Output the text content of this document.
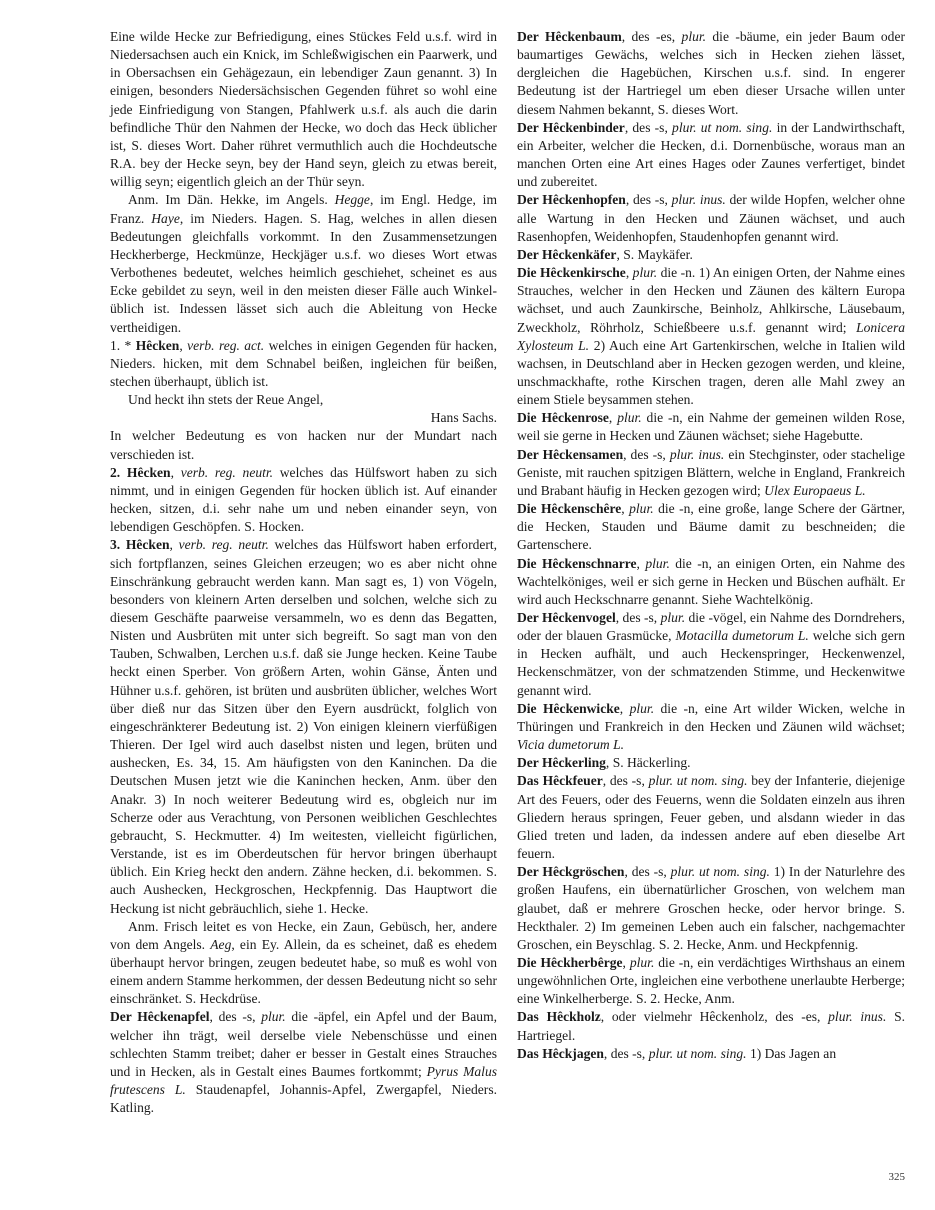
Eine wilde Hecke zur Befriedigung, eines Stückes Feld u.s.f. wird in Niedersachsen auch ein Knick, im Schleßwigischen ein Paarwerk, und in Obersachsen ein Gehägezaun, ein lebendiger Zaun genannt. 3) In einigen, besonders Niedersächsischen Gegenden führet so wohl eine jede Einfriedigung von Stangen, Pfahlwerk u.s.f. als auch die darin befindliche Thür den Nahmen der Hecke, wo doch das Heck üblicher ist, S. dieses Wort. Daher rühret vermuthlich auch die Hochdeutsche R.A. bey der Hecke seyn, bey der Hand seyn, gleich zu etwas bereit, willig seyn; eigentlich gleich an der Thür seyn.

Anm. Im Dän. Hekke, im Angels. Hegge, im Engl. Hedge, im Franz. Haye, im Nieders. Hagen. S. Hag, welches in allen diesen Bedeutungen gleichfalls vorkommt. In den Zusammensetzungen Heckherberge, Heckmünze, Heckjäger u.s.f. wo dieses Wort etwas Verbothenes bedeutet, welches heimlich geschiehet, scheinet es aus Ecke gebildet zu seyn, weil in den meisten dieser Fälle auch Winkel- üblich ist. Indessen lässet sich auch die Ableitung von Hecke vertheidigen.

1. * Hêcken, verb. reg. act. welches in einigen Gegenden für hacken, Nieders. hicken, mit dem Schnabel beißen, ingleichen für beißen, stechen überhaupt, üblich ist.

Und heckt ihn stets der Reue Angel,

Hans Sachs.

In welcher Bedeutung es von hacken nur der Mundart nach verschieden ist.

2. Hêcken, verb. reg. neutr. welches das Hülfswort haben zu sich nimmt, und in einigen Gegenden für hocken üblich ist. Auf einander hecken, sitzen, d.i. sehr nahe um und neben einander seyn, von lebendigen Geschöpfen. S. Hocken.

3. Hêcken, verb. reg. neutr. welches das Hülfswort haben erfordert, sich fortpflanzen, seines Gleichen erzeugen; wo es aber nicht ohne Einschränkung gebraucht werden kann. Man sagt es, 1) von Vögeln, besonders von kleinern Arten derselben und solchen, welche sich zu diesem Geschäfte paarweise versammeln, wo es denn das Begatten, Nisten und Ausbrüten mit unter sich begreift. So sagt man von den Tauben, Schwalben, Lerchen u.s.f. daß sie Junge hecken. Keine Taube heckt einen Sperber. Von größern Arten, wohin Gänse, Änten und Hühner u.s.f. gehören, ist brüten und ausbrüten üblicher, welches Wort über dieß nur das Sitzen über den Eyern ausdrückt, folglich von eingeschränkterer Bedeutung ist. 2) Von einigen kleinern vierfüßigen Thieren. Der Igel wird auch daselbst nisten und legen, brüten und aushecken, Es. 34, 15. Am häufigsten von den Kaninchen. Da die Deutschen Musen jetzt wie die Kaninchen hecken, Anm. über den Anakr. 3) In noch weiterer Bedeutung wird es, obgleich nur im Scherze oder aus Verachtung, von Personen weiblichen Geschlechtes gebraucht, S. Heckmutter. 4) Im weitesten, vielleicht figürlichen, Verstande, ist es im Oberdeutschen für hervor bringen überhaupt üblich. Ein Krieg heckt den andern. Zähne hecken, d.i. bekommen. S. auch Aushecken, Heckgroschen, Heckpfennig. Das Hauptwort die Heckung ist nicht gebräuchlich, siehe 1. Hecke.

Anm. Frisch leitet es von Hecke, ein Zaun, Gebüsch, her, andere von dem Angels. Aeg, ein Ey. Allein, da es scheinet, daß es ehedem überhaupt hervor bringen, zeugen bedeutet habe, so muß es wohl von einem andern Stamme herkommen, der dessen Bedeutung nicht so sehr einschränket. S. Heckdrüse.

Der Hêckenapfel, des -s, plur. die -äpfel, ein Apfel und der Baum, welcher ihn trägt, weil derselbe viele Nebenschüsse und einen schlechten Stamm treibet; daher er besser in Gestalt eines Strauches und in Hecken, als in Gestalt eines Baumes fortkommt; Pyrus Malus frutescens L. Staudenapfel, Johannis-Apfel, Zwergapfel, Nieders. Katling.

Der Hêckenbaum, des -es, plur. die -bäume, ein jeder Baum oder baumartiges Gewächs, welches sich in Hecken ziehen lässet, dergleichen die Hagebüchen, Kirschen u.s.f. sind. In engerer Bedeutung ist der Hartriegel um eben dieser Ursache willen unter diesem Nahmen bekannt, S. dieses Wort.

Der Hêckenbinder, des -s, plur. ut nom. sing. in der Landwirthschaft, ein Arbeiter, welcher die Hecken, d.i. Dornenbüsche, woraus man an manchen Orten eine Art eines Hages oder Zaunes verfertiget, bindet und zubereitet.

Der Hêckenhopfen, des -s, plur. inus. der wilde Hopfen, welcher ohne alle Wartung in den Hecken und Zäunen wächset, und auch Rasenhopfen, Weidenhopfen, Staudenhopfen genannt wird.

Der Hêckenkäfer, S. Maykäfer.

Die Hêckenkirsche, plur. die -n. 1) An einigen Orten, der Nahme eines Strauches, welcher in den Hecken und Zäunen des kältern Europa wächset, und auch Zaunkirsche, Beinholz, Ahlkirsche, Läusebaum, Zweckholz, Röhrholz, Schießbeere u.s.f. genannt wird; Lonicera Xylosteum L. 2) Auch eine Art Gartenkirschen, welche in Italien wild wachsen, in Deutschland aber in Hecken gezogen werden, und kleine, unschmackhafte, rothe Kirschen tragen, deren alle Mahl zwey an einem Stiele beysammen stehen.

Die Hêckenrose, plur. die -n, ein Nahme der gemeinen wilden Rose, weil sie gerne in Hecken und Zäunen wächset; siehe Hagebutte.

Der Hêckensamen, des -s, plur. inus. ein Stechginster, oder stachelige Geniste, mit rauchen spitzigen Blättern, welche in England, Frankreich und Brabant häufig in Hecken gezogen wird; Ulex Europaeus L.

Die Hêckenschêre, plur. die -n, eine große, lange Schere der Gärtner, die Hecken, Stauden und Bäume damit zu beschneiden; die Gartenschere.

Die Hêckenschnarre, plur. die -n, an einigen Orten, ein Nahme des Wachtelköniges, weil er sich gerne in Hecken und Büschen aufhält. Er wird auch Heckschnarre genannt. Siehe Wachtelkönig.

Der Hêckenvogel, des -s, plur. die -vögel, ein Nahme des Dorndrehers, oder der blauen Grasmücke, Motacilla dumetorum L. welche sich gern in Hecken aufhält, und auch Heckenspringer, Heckenwenzel, Heckenschmätzer, von der schmatzenden Stimme, und Heckenwitwe genannt wird.

Die Hêckenwicke, plur. die -n, eine Art wilder Wicken, welche in Thüringen und Frankreich in den Hecken und Zäunen wild wächset; Vicia dumetorum L.

Der Hêckerling, S. Häckerling.

Das Hêckfeuer, des -s, plur. ut nom. sing. bey der Infanterie, diejenige Art des Feuers, oder des Feuerns, wenn die Soldaten einzeln aus ihren Gliedern heraus springen, Feuer geben, und alsdann wieder in das Glied treten und laden, da indessen andere auf eben dieselbe Art feuern.

Der Hêckgröschen, des -s, plur. ut nom. sing. 1) In der Naturlehre des großen Haufens, ein übernatürlicher Groschen, von welchem man glaubet, daß er mehrere Groschen hecke, oder hervor bringe. S. Heckthaler. 2) Im gemeinen Leben auch ein falscher, nachgemachter Groschen, ein Beyschlag. S. 2. Hecke, Anm. und Heckpfennig.

Die Hêckherbêrge, plur. die -n, ein verdächtiges Wirthshaus an einem ungewöhnlichen Orte, ingleichen eine verbothene unerlaubte Herberge; eine Winkelherberge. S. 2. Hecke, Anm.

Das Hêckholz, oder vielmehr Hêckenholz, des -es, plur. inus. S. Hartriegel.

Das Hêckjagen, des -s, plur. ut nom. sing. 1) Das Jagen an

325
